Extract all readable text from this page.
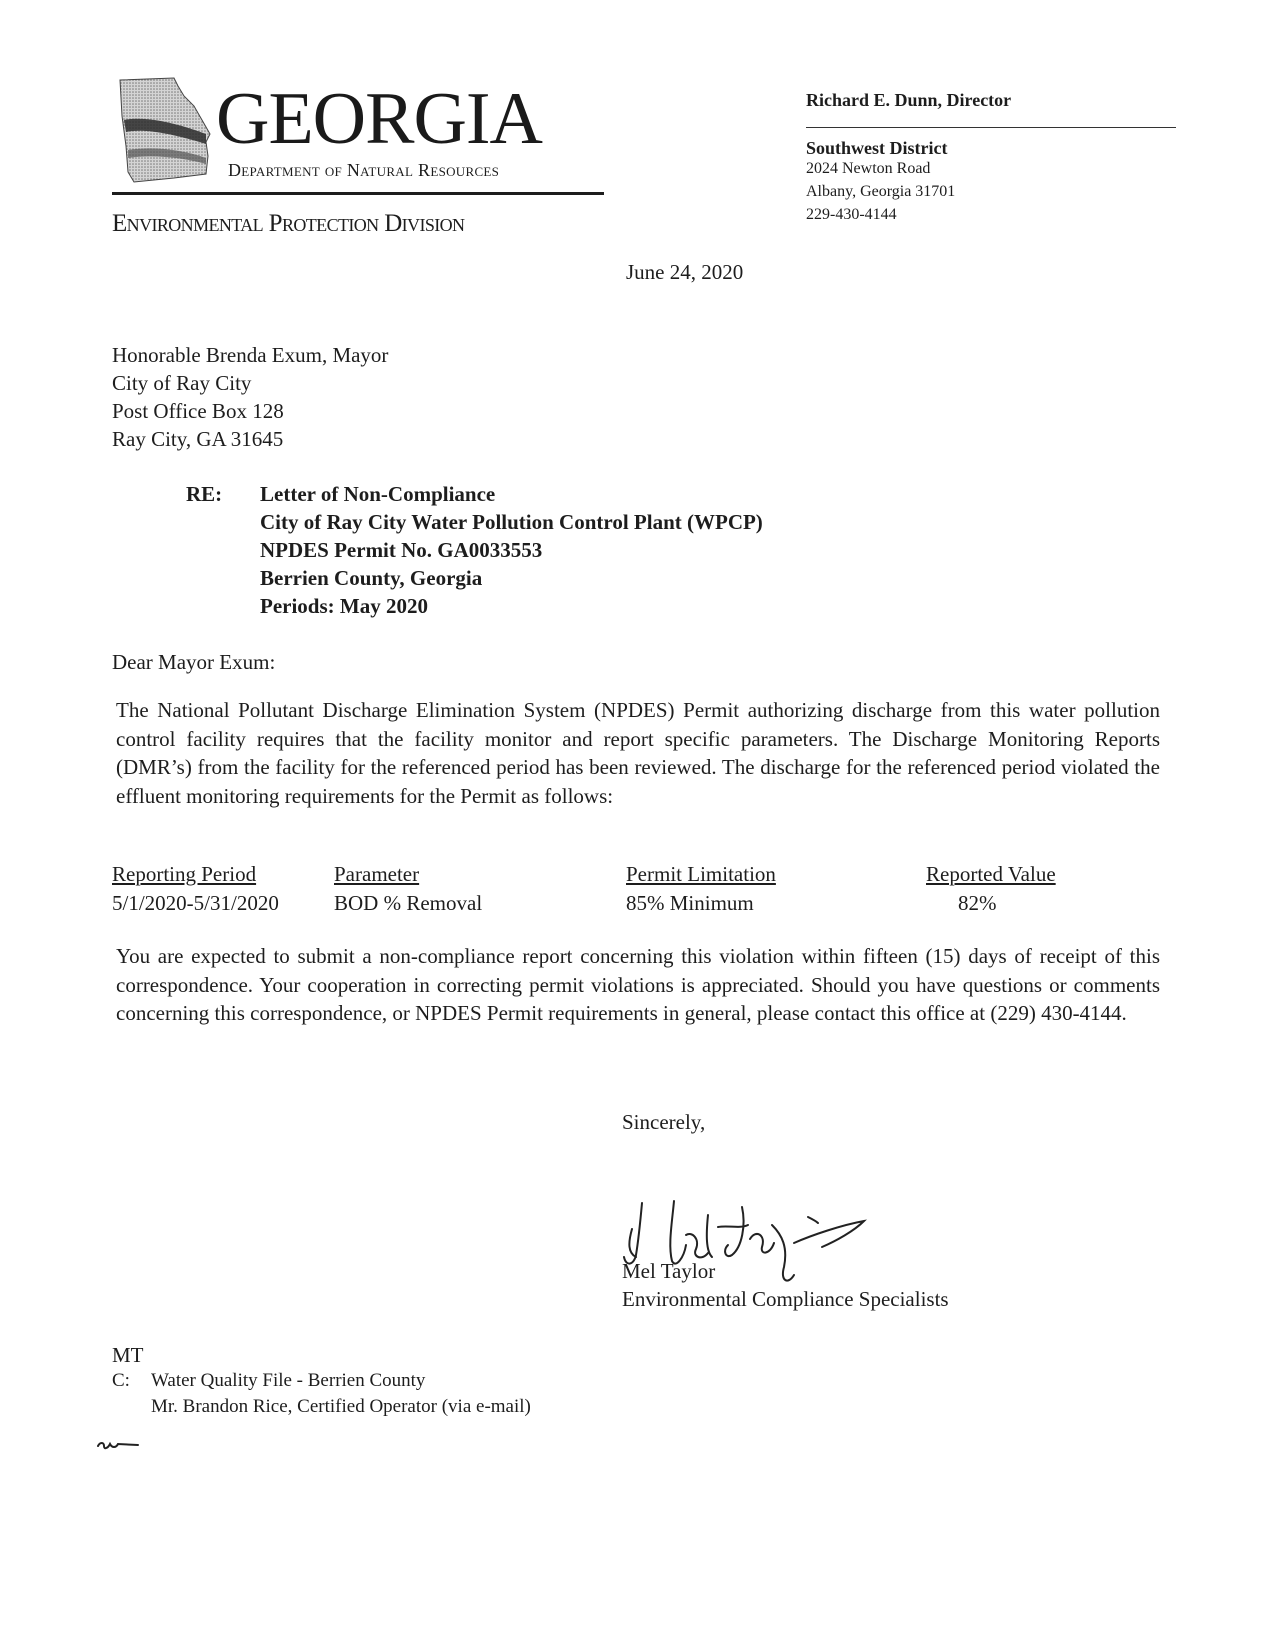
GEORGIA
Department of Natural Resources
Environmental Protection Division
Richard E. Dunn, Director
Southwest District
2024 Newton Road
Albany, Georgia 31701
229-430-4144
June 24, 2020
Honorable Brenda Exum, Mayor
City of Ray City
Post Office Box 128
Ray City, GA 31645
RE: Letter of Non-Compliance
City of Ray City Water Pollution Control Plant (WPCP)
NPDES Permit No. GA0033553
Berrien County, Georgia
Periods: May 2020
Dear Mayor Exum:
The National Pollutant Discharge Elimination System (NPDES) Permit authorizing discharge from this water pollution control facility requires that the facility monitor and report specific parameters. The Discharge Monitoring Reports (DMR’s) from the facility for the referenced period has been reviewed. The discharge for the referenced period violated the effluent monitoring requirements for the Permit as follows:
Reporting Period	Parameter	Permit Limitation	Reported Value
5/1/2020-5/31/2020	BOD % Removal	85% Minimum	82%
You are expected to submit a non-compliance report concerning this violation within fifteen (15) days of receipt of this correspondence. Your cooperation in correcting permit violations is appreciated. Should you have questions or comments concerning this correspondence, or NPDES Permit requirements in general, please contact this office at (229) 430-4144.
Sincerely,
Mel Taylor
Environmental Compliance Specialists
MT
C: Water Quality File - Berrien County
Mr. Brandon Rice, Certified Operator (via e-mail)
